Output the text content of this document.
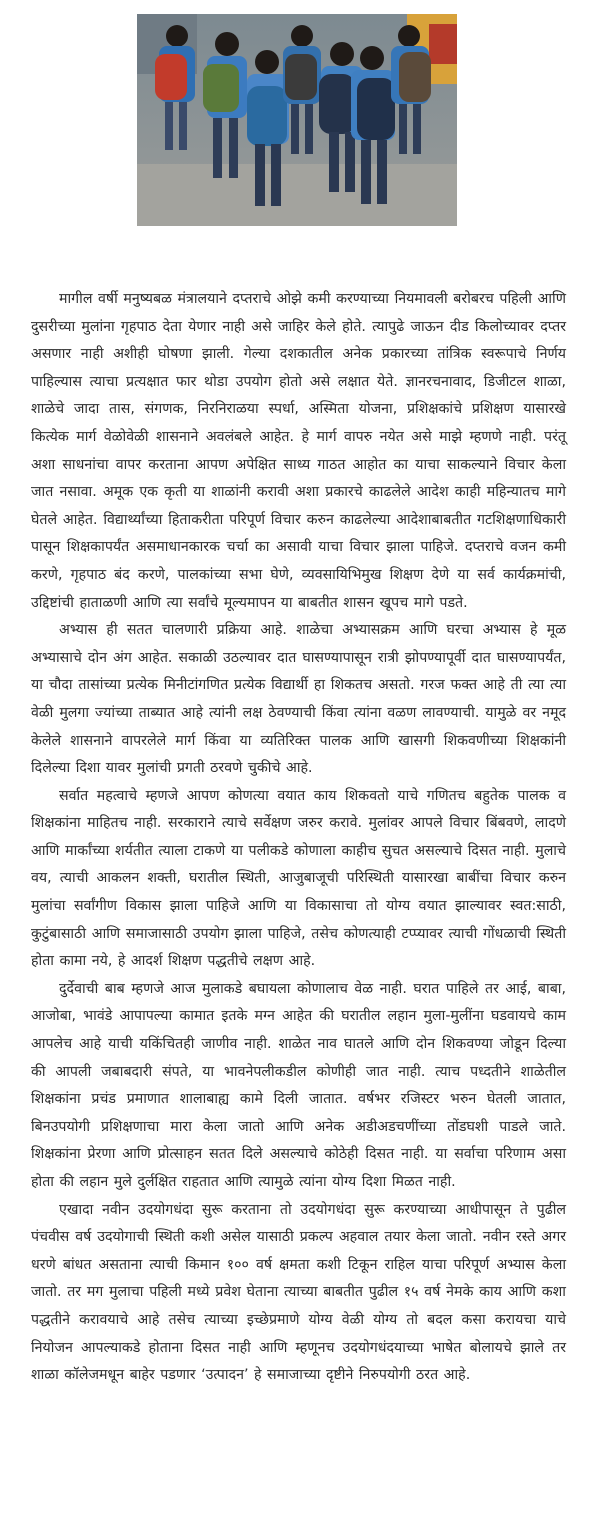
मागील वर्षी मनुष्यबळ मंत्रालयाने दप्तराचे ओझे कमी करण्याच्या नियमावली बरोबरच पहिली आणि दुसरीच्या मुलांना गृहपाठ देता येणार नाही असे जाहिर केले होते. त्यापुढे जाऊन दीड किलोच्यावर दप्तर असणार नाही अशीही घोषणा झाली. गेल्या दशकातील अनेक प्रकारच्या तांत्रिक स्वरूपाचे निर्णय पाहिल्यास त्याचा प्रत्यक्षात फार थोडा उपयोग होतो असे लक्षात येते. ज्ञानरचनावाद, डिजीटल शाळा, शाळेचे जादा तास, संगणक, निरनिराळया स्पर्धा, अस्मिता योजना, प्रशिक्षकांचे प्रशिक्षण यासारखे कित्येक मार्ग वेळोवेळी शासनाने अवलंबले आहेत. हे मार्ग वापरु नयेत असे माझे म्हणणे नाही. परंतू अशा साधनांचा वापर करताना आपण अपेक्षित साध्य गाठत आहोत का याचा साकल्याने विचार केला जात नसावा. अमूक एक कृती या शाळांनी करावी अशा प्रकारचे काढलेले आदेश काही महिन्यातच मागे घेतले आहेत. विद्यार्थ्यांच्या हिताकरीता परिपूर्ण विचार करुन काढलेल्या आदेशाबाबतीत गटशिक्षणाधिकारी पासून शिक्षकापर्यंत असमाधानकारक चर्चा का असावी याचा विचार झाला पाहिजे. दप्तराचे वजन कमी करणे, गृहपाठ बंद करणे, पालकांच्या सभा घेणे, व्यवसायिभिमुख शिक्षण देणे या सर्व कार्यक्रमांची, उद्दिष्टांची हाताळणी आणि त्या सर्वांचे मूल्यमापन या बाबतीत शासन खूपच मागे पडते.

अभ्यास ही सतत चालणारी प्रक्रिया आहे. शाळेचा अभ्यासक्रम आणि घरचा अभ्यास हे मूळ अभ्यासाचे दोन अंग आहेत. सकाळी उठल्यावर दात घासण्यापासून रात्री झोपण्यापूर्वी दात घासण्यापर्यंत, या चौदा तासांच्या प्रत्येक मिनीटांगणित प्रत्येक विद्यार्थी हा शिकतच असतो. गरज फक्त आहे ती त्या त्या वेळी मुलगा ज्यांच्या ताब्यात आहे त्यांनी लक्ष ठेवण्याची किंवा त्यांना वळण लावण्याची. यामुळे वर नमूद केलेले शासनाने वापरलेले मार्ग किंवा या व्यतिरिक्त पालक आणि खासगी शिकवणीच्या शिक्षकांनी दिलेल्या दिशा यावर मुलांची प्रगती ठरवणे चुकीचे आहे.

सर्वात महत्वाचे म्हणजे आपण कोणत्या वयात काय शिकवतो याचे गणितच बहुतेक पालक व शिक्षकांना माहितच नाही. सरकाराने त्याचे सर्वेक्षण जरुर करावे. मुलांवर आपले विचार बिंबवणे, लादणे आणि मार्कांच्या शर्यतीत त्याला टाकणे या पलीकडे कोणाला काहीच सुचत असल्याचे दिसत नाही. मुलाचे वय, त्याची आकलन शक्ती, घरातील स्थिती, आजुबाजूची परिस्थिती यासारखा बाबींचा विचार करुन मुलांचा सर्वांगीण विकास झाला पाहिजे आणि या विकासाचा तो योग्य वयात झाल्यावर स्वत:साठी, कुटुंबासाठी आणि समाजासाठी उपयोग झाला पाहिजे, तसेच कोणत्याही टप्प्यावर त्याची गोंधळाची स्थिती होता कामा नये, हे आदर्श शिक्षण पद्धतीचे लक्षण आहे.

दुर्देवाची बाब म्हणजे आज मुलाकडे बघायला कोणालाच वेळ नाही. घरात पाहिले तर आई, बाबा, आजोबा, भावंडे आपापल्या कामात इतके मग्न आहेत की घरातील लहान मुला-मुलींना घडवायचे काम आपलेच आहे याची यकिंचितही जाणीव नाही. शाळेत नाव घातले आणि दोन शिकवण्या जोडून दिल्या की आपली जबाबदारी संपते, या भावनेपलीकडील कोणीही जात नाही. त्याच पध्दतीने शाळेतील शिक्षकांना प्रचंड प्रमाणात शालाबाह्य कामे दिली जातात. वर्षभर रजिस्टर भरुन घेतली जातात, बिनउपयोगी प्रशिक्षणाचा मारा केला जातो आणि अनेक अडीअडचणींच्या तोंडघशी पाडले जाते. शिक्षकांना प्रेरणा आणि प्रोत्साहन सतत दिले असल्याचे कोठेही दिसत नाही. या सर्वाचा परिणाम असा होता की लहान मुले दुर्लक्षित राहतात आणि त्यामुळे त्यांना योग्य दिशा मिळत नाही.

एखादा नवीन उदयोगधंदा सुरू करताना तो उदयोगधंदा सुरू करण्याच्या आधीपासून ते पुढील पंचवीस वर्ष उदयोगाची स्थिती कशी असेल यासाठी प्रकल्प अहवाल तयार केला जातो. नवीन रस्ते अगर धरणे बांधत असताना त्याची किमान १०० वर्ष क्षमता कशी टिकून राहिल याचा परिपूर्ण अभ्यास केला जातो. तर मग मुलाचा पहिली मध्ये प्रवेश घेताना त्याच्या बाबतीत पुढील १५ वर्ष नेमके काय आणि कशा पद्धतीने करावयाचे आहे तसेच त्याच्या इच्छेप्रमाणे योग्य वेळी योग्य तो बदल कसा करायचा याचे नियोजन आपल्याकडे होताना दिसत नाही आणि म्हणूनच उदयोगधंदयाच्या भाषेत बोलायचे झाले तर शाळा कॉलेजमधून बाहेर पडणार ‘उत्पादन’ हे समाजाच्या दृष्टीने निरुपयोगी ठरत आहे.
